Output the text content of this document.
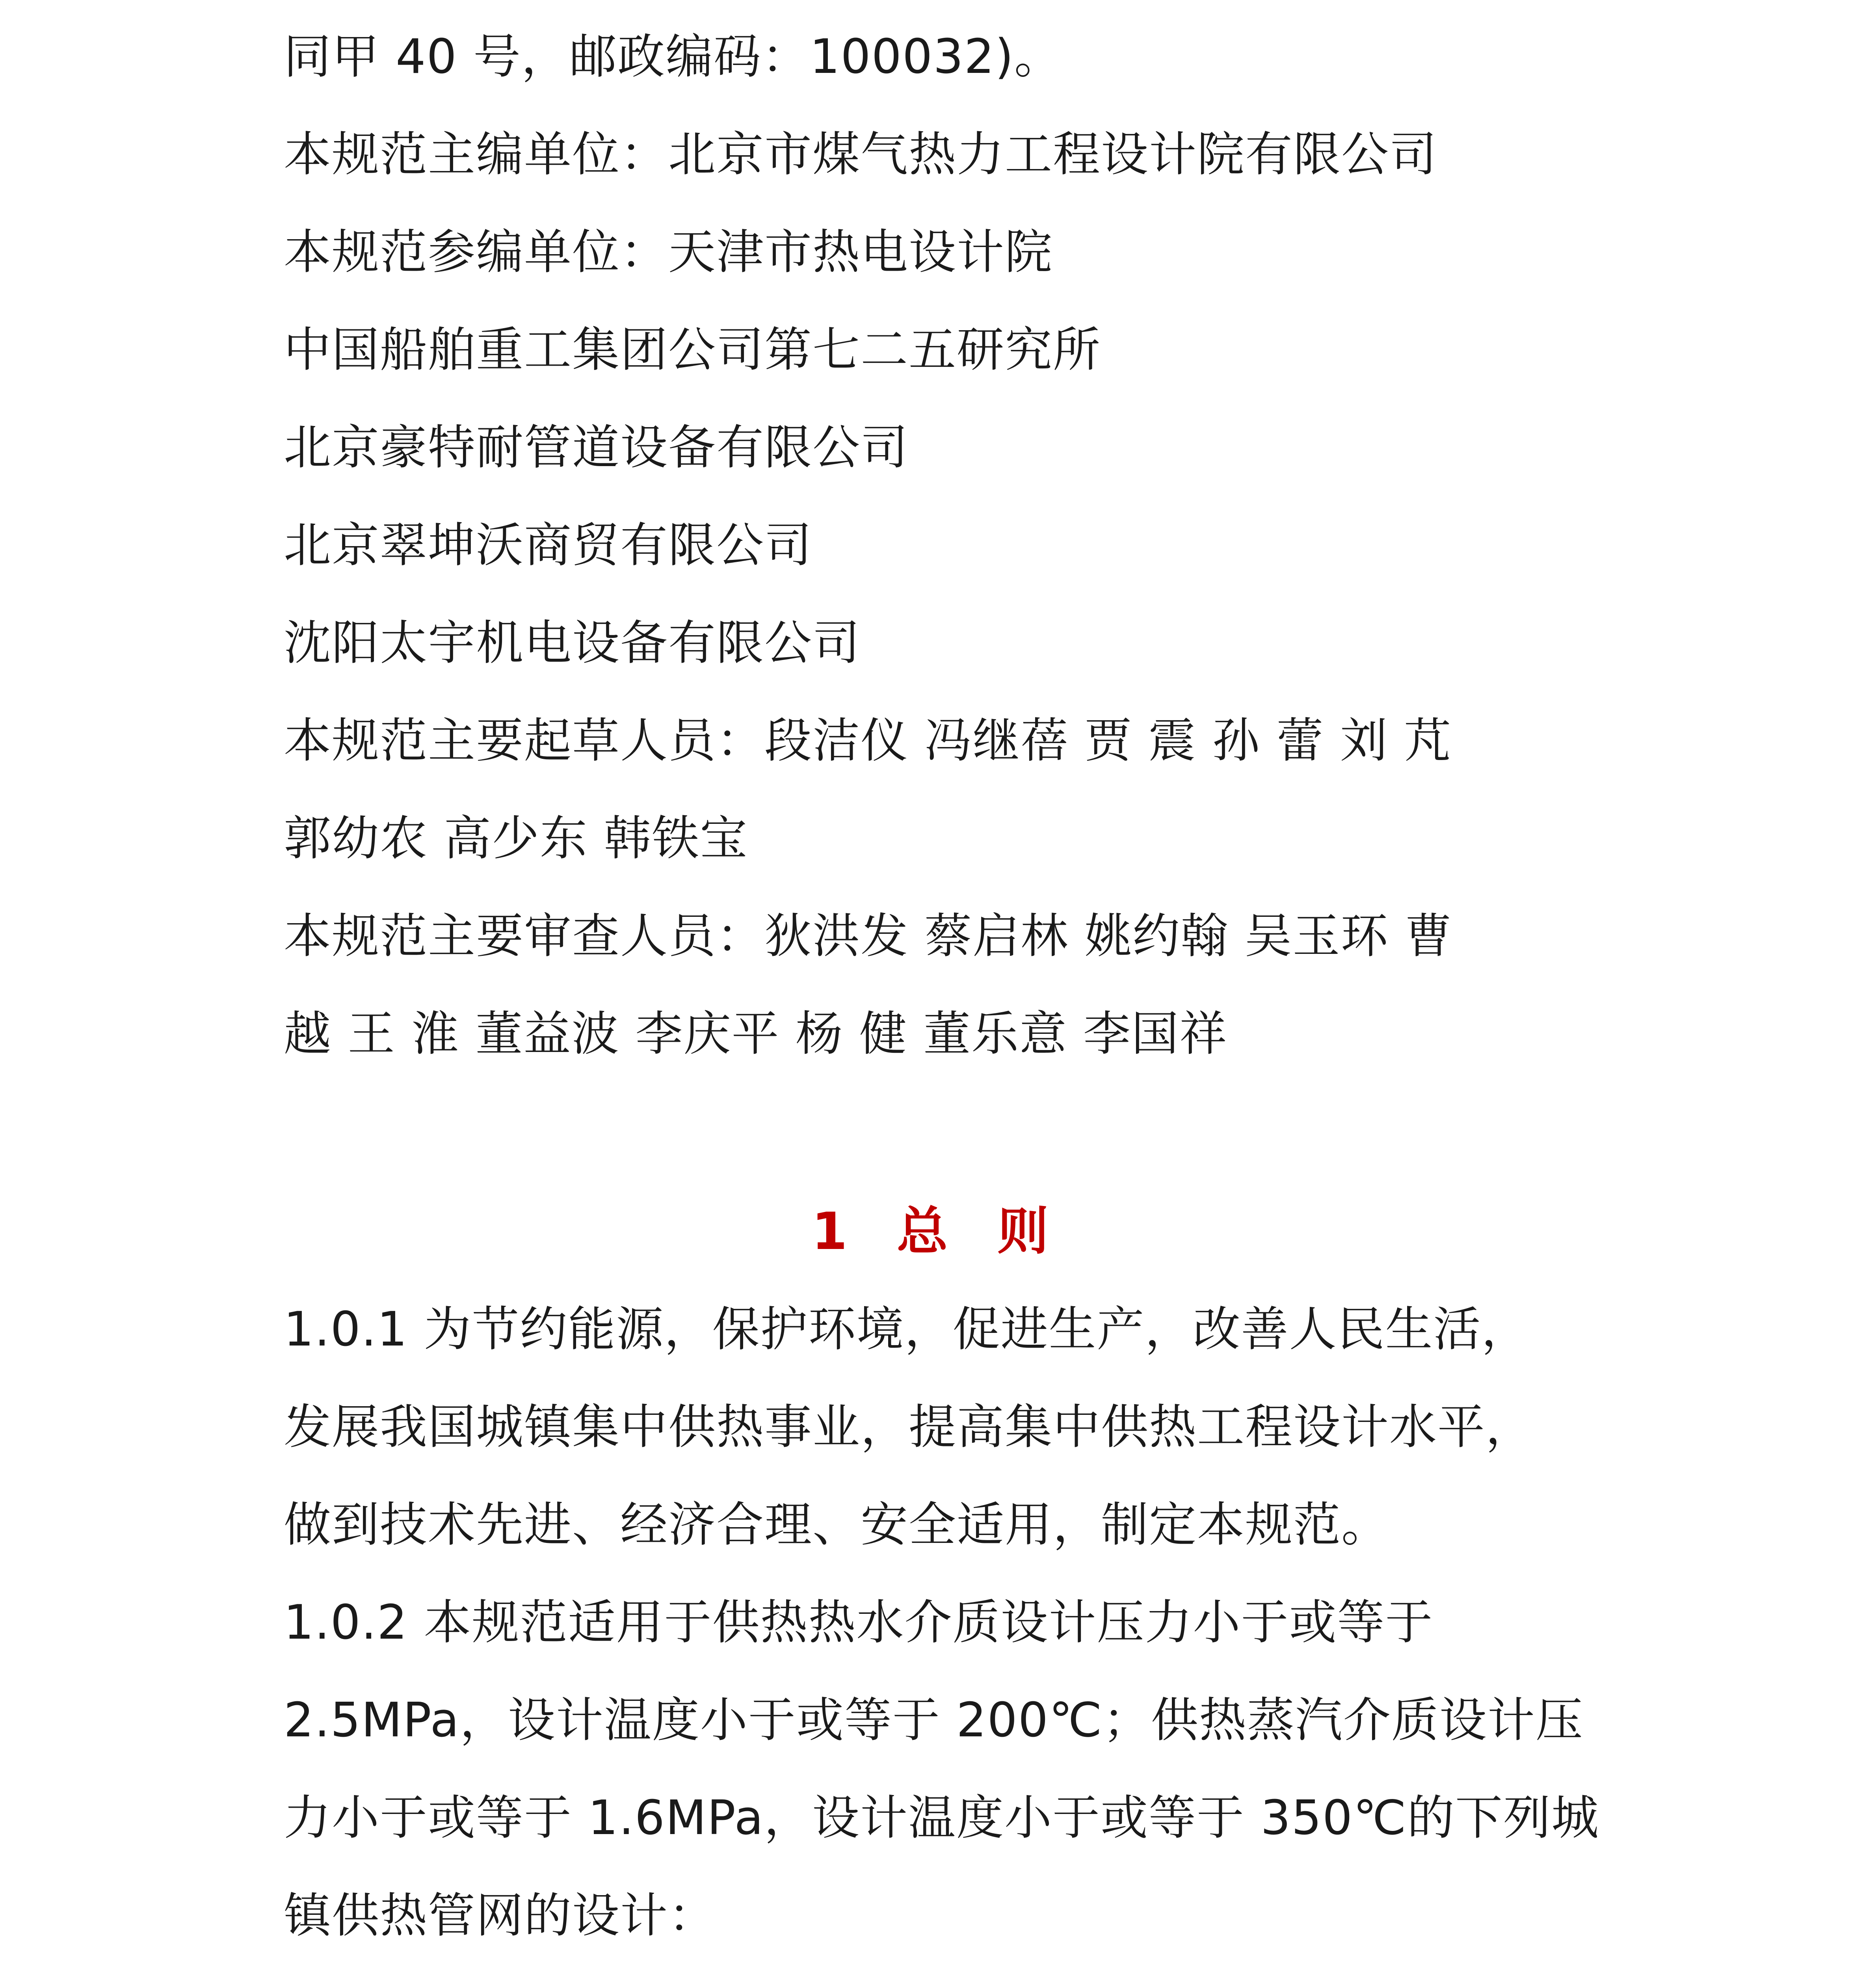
同甲 40 号，邮政编码：100032)。
本规范主编单位：北京市煤气热力工程设计院有限公司
本规范参编单位：天津市热电设计院
中国船舶重工集团公司第七二五研究所
北京豪特耐管道设备有限公司
北京翠坤沃商贸有限公司
沈阳太宇机电设备有限公司
本规范主要起草人员：段洁仪 冯继蓓 贾 震 孙 蕾 刘 芃
郭幼农 高少东 韩铁宝
本规范主要审查人员：狄洪发 蔡启林 姚约翰 吴玉环 曹
越 王 淮 董益波 李庆平 杨 健 董乐意 李国祥
1 总 则
1.0.1 为节约能源，保护环境，促进生产，改善人民生活，
发展我国城镇集中供热事业，提高集中供热工程设计水平，
做到技术先进、经济合理、安全适用，制定本规范。
1.0.2 本规范适用于供热热水介质设计压力小于或等于
2.5MPa，设计温度小于或等于 200℃；供热蒸汽介质设计压
力小于或等于 1.6MPa，设计温度小于或等于 350℃的下列城
镇供热管网的设计：
